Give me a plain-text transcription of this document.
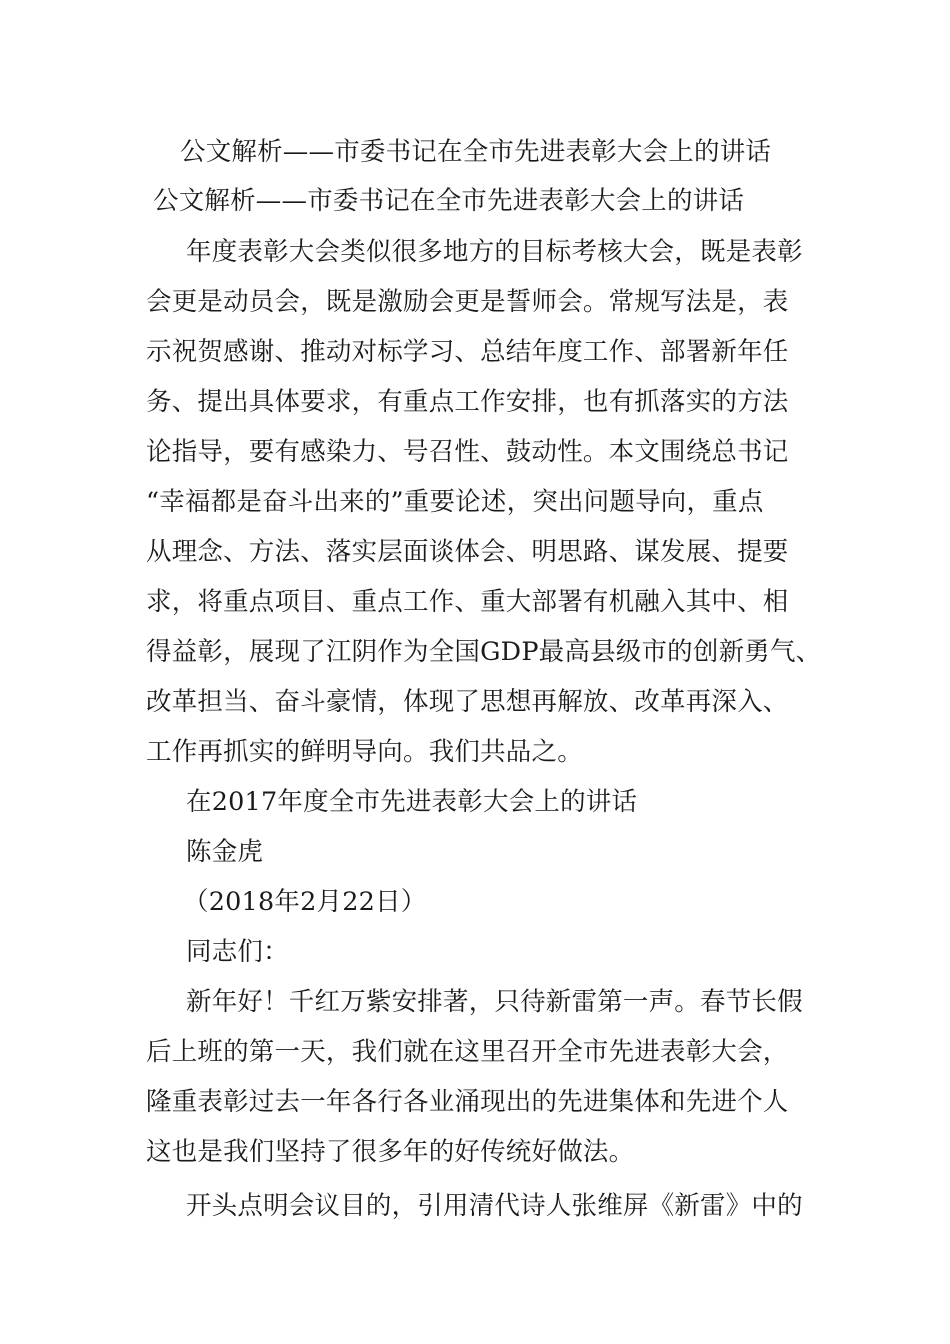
公文解析——市委书记在全市先进表彰大会上的讲话
公文解析——市委书记在全市先进表彰大会上的讲话
年度表彰大会类似很多地方的目标考核大会，既是表彰
会更是动员会，既是激励会更是誓师会。常规写法是，表
示祝贺感谢、推动对标学习、总结年度工作、部署新年任
务、提出具体要求，有重点工作安排，也有抓落实的方法
论指导，要有感染力、号召性、鼓动性。本文围绕总书记
“幸福都是奋斗出来的”重要论述，突出问题导向，重点
从理念、方法、落实层面谈体会、明思路、谋发展、提要
求，将重点项目、重点工作、重大部署有机融入其中、相
得益彰，展现了江阴作为全国GDP最高县级市的创新勇气、
改革担当、奋斗豪情，体现了思想再解放、改革再深入、
工作再抓实的鲜明导向。我们共品之。
在2017年度全市先进表彰大会上的讲话
陈金虎
（2018年2月22日）
同志们：
新年好！千红万紫安排著，只待新雷第一声。春节长假
后上班的第一天，我们就在这里召开全市先进表彰大会，
隆重表彰过去一年各行各业涌现出的先进集体和先进个人
这也是我们坚持了很多年的好传统好做法。
开头点明会议目的，引用清代诗人张维屏《新雷》中的
